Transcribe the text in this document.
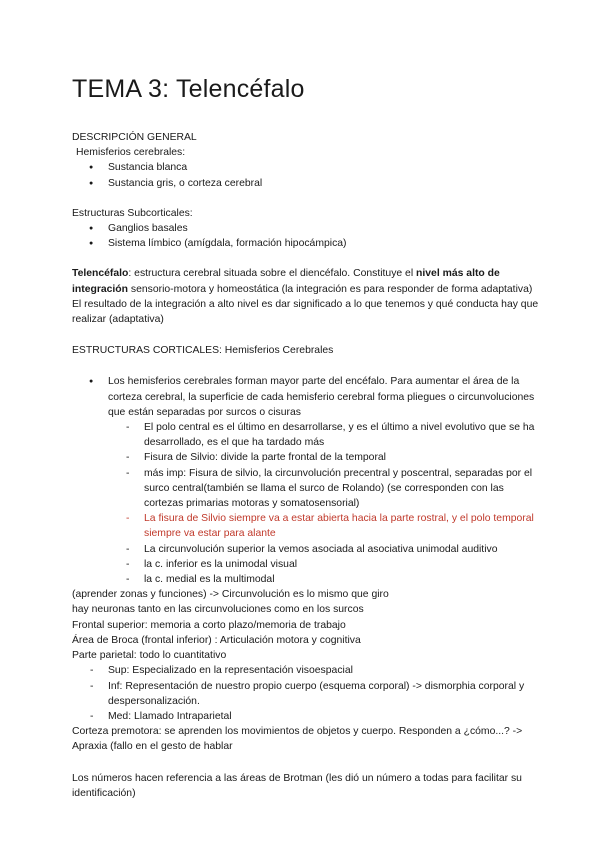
TEMA 3: Telencéfalo

DESCRIPCIÓN GENERAL

Hemisferios cerebrales:

● Sustancia blanca
● Sustancia gris, o corteza cerebral

Estructuras Subcorticales:

● Ganglios basales
● Sistema límbico (amígdala, formación hipocámpica)

Telencéfalo: estructura cerebral situada sobre el diencéfalo. Constituye el nivel más alto de integración sensorio-motora y homeostática (la integración es para responder de forma adaptativa) El resultado de la integración a alto nivel es dar significado a lo que tenemos y qué conducta hay que realizar (adaptativa)

ESTRUCTURAS CORTICALES: Hemisferios Cerebrales

● Los hemisferios cerebrales forman mayor parte del encéfalo. Para aumentar el área de la corteza cerebral, la superficie de cada hemisferio cerebral forma pliegues o circunvoluciones que están separadas por surcos o cisuras
- El polo central es el último en desarrollarse, y es el último a nivel evolutivo que se ha desarrollado, es el que ha tardado más
- Fisura de Silvio: divide la parte frontal de la temporal
- más imp: Fisura de silvio, la circunvolución precentral y poscentral, separadas por el surco central(también se llama el surco de Rolando) (se corresponden con las cortezas primarias motoras y somatosensorial)
- La fisura de Silvio siempre va a estar abierta hacia la parte rostral, y el polo temporal siempre va estar para alante
- La circunvolución superior la vemos asociada al asociativa unimodal auditivo
- la c. inferior es la unimodal visual
- la c. medial es la multimodal

(aprender zonas y funciones) -> Circunvolución es lo mismo que giro

hay neuronas tanto en las circunvoluciones como en los surcos

Frontal superior: memoria a corto plazo/memoria de trabajo

Área de Broca (frontal inferior) : Articulación motora y cognitiva

Parte parietal: todo lo cuantitativo

- Sup: Especializado en la representación visoespacial
- Inf: Representación de nuestro propio cuerpo (esquema corporal) -> dismorphia corporal y despersonalización.
- Med: Llamado Intraparietal

Corteza premotora: se aprenden los movimientos de objetos y cuerpo. Responden a ¿cómo...? -> Apraxia (fallo en el gesto de hablar

Los números hacen referencia a las áreas de Brotman (les dió un número a todas para facilitar su identificación)
